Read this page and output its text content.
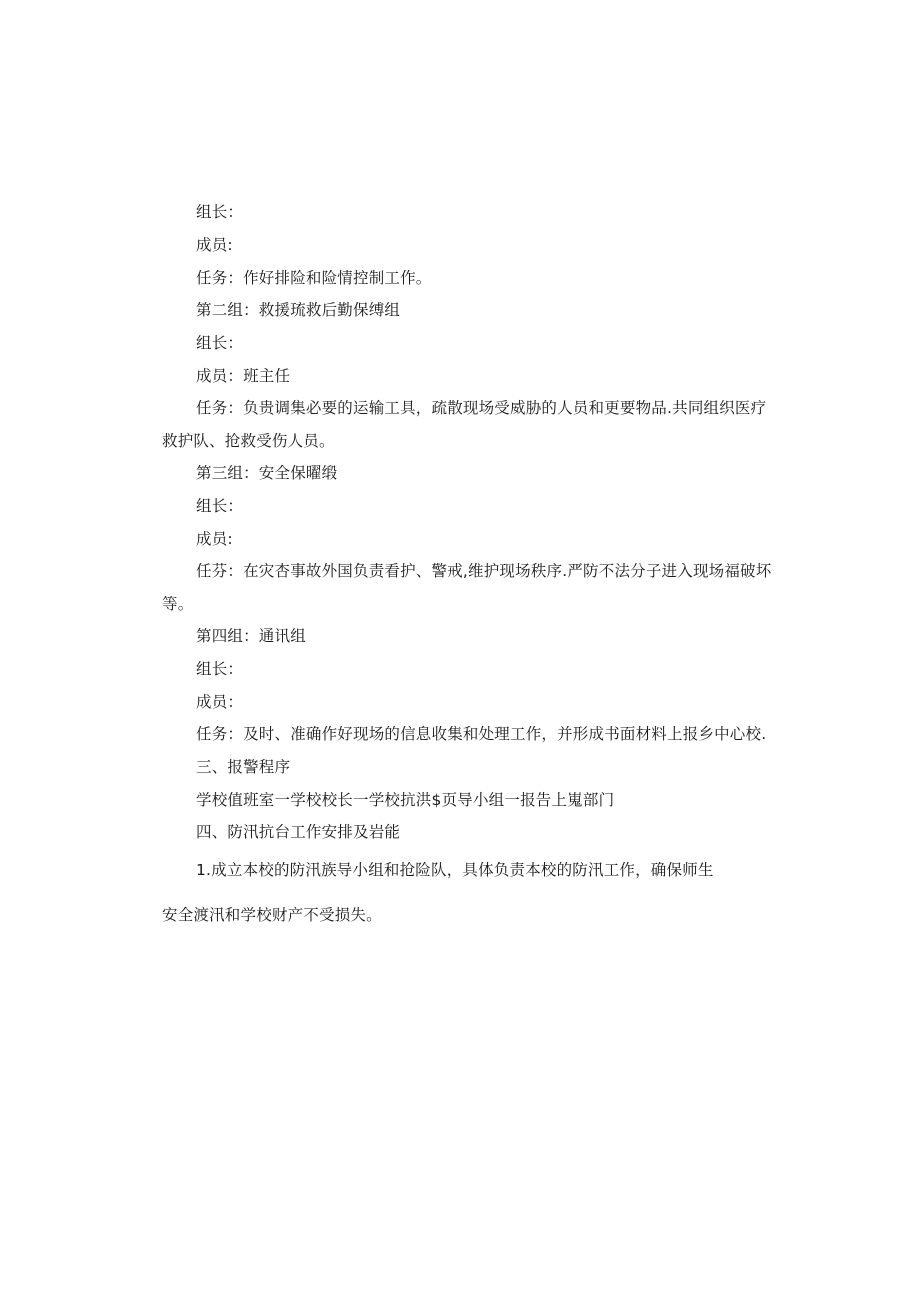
组长：
成员:
任务：作好排险和险情控制工作。
第二组：救援琉救后勤保缚组
组长：
成员：班主任
任务：负贵调集必要的运输工具，疏散现场受威胁的人员和更要物品.共同组织医疗
救护队、抢救受伤人员。
第三组：安全保曜缎
组长：
成员:
任芬：在灾杏事故外国负责看护、警戒,维护现场秩序.严防不法分子进入现场福破坏
等。
第四组：通讯组
组长：
成员：
任务：及时、准确作好现场的信息收集和处理工作，并形成书面材料上报乡中心校.
三、报警程序
学校值班室一学校校长一学校抗洪$页导小组一报告上嵬部门
四、防汛抗台工作安排及岩能
1.成立本校的防汛族导小组和抢险队，具体负责本校的防汛工作，确保师生
安全渡汛和学校财产不受损失。
